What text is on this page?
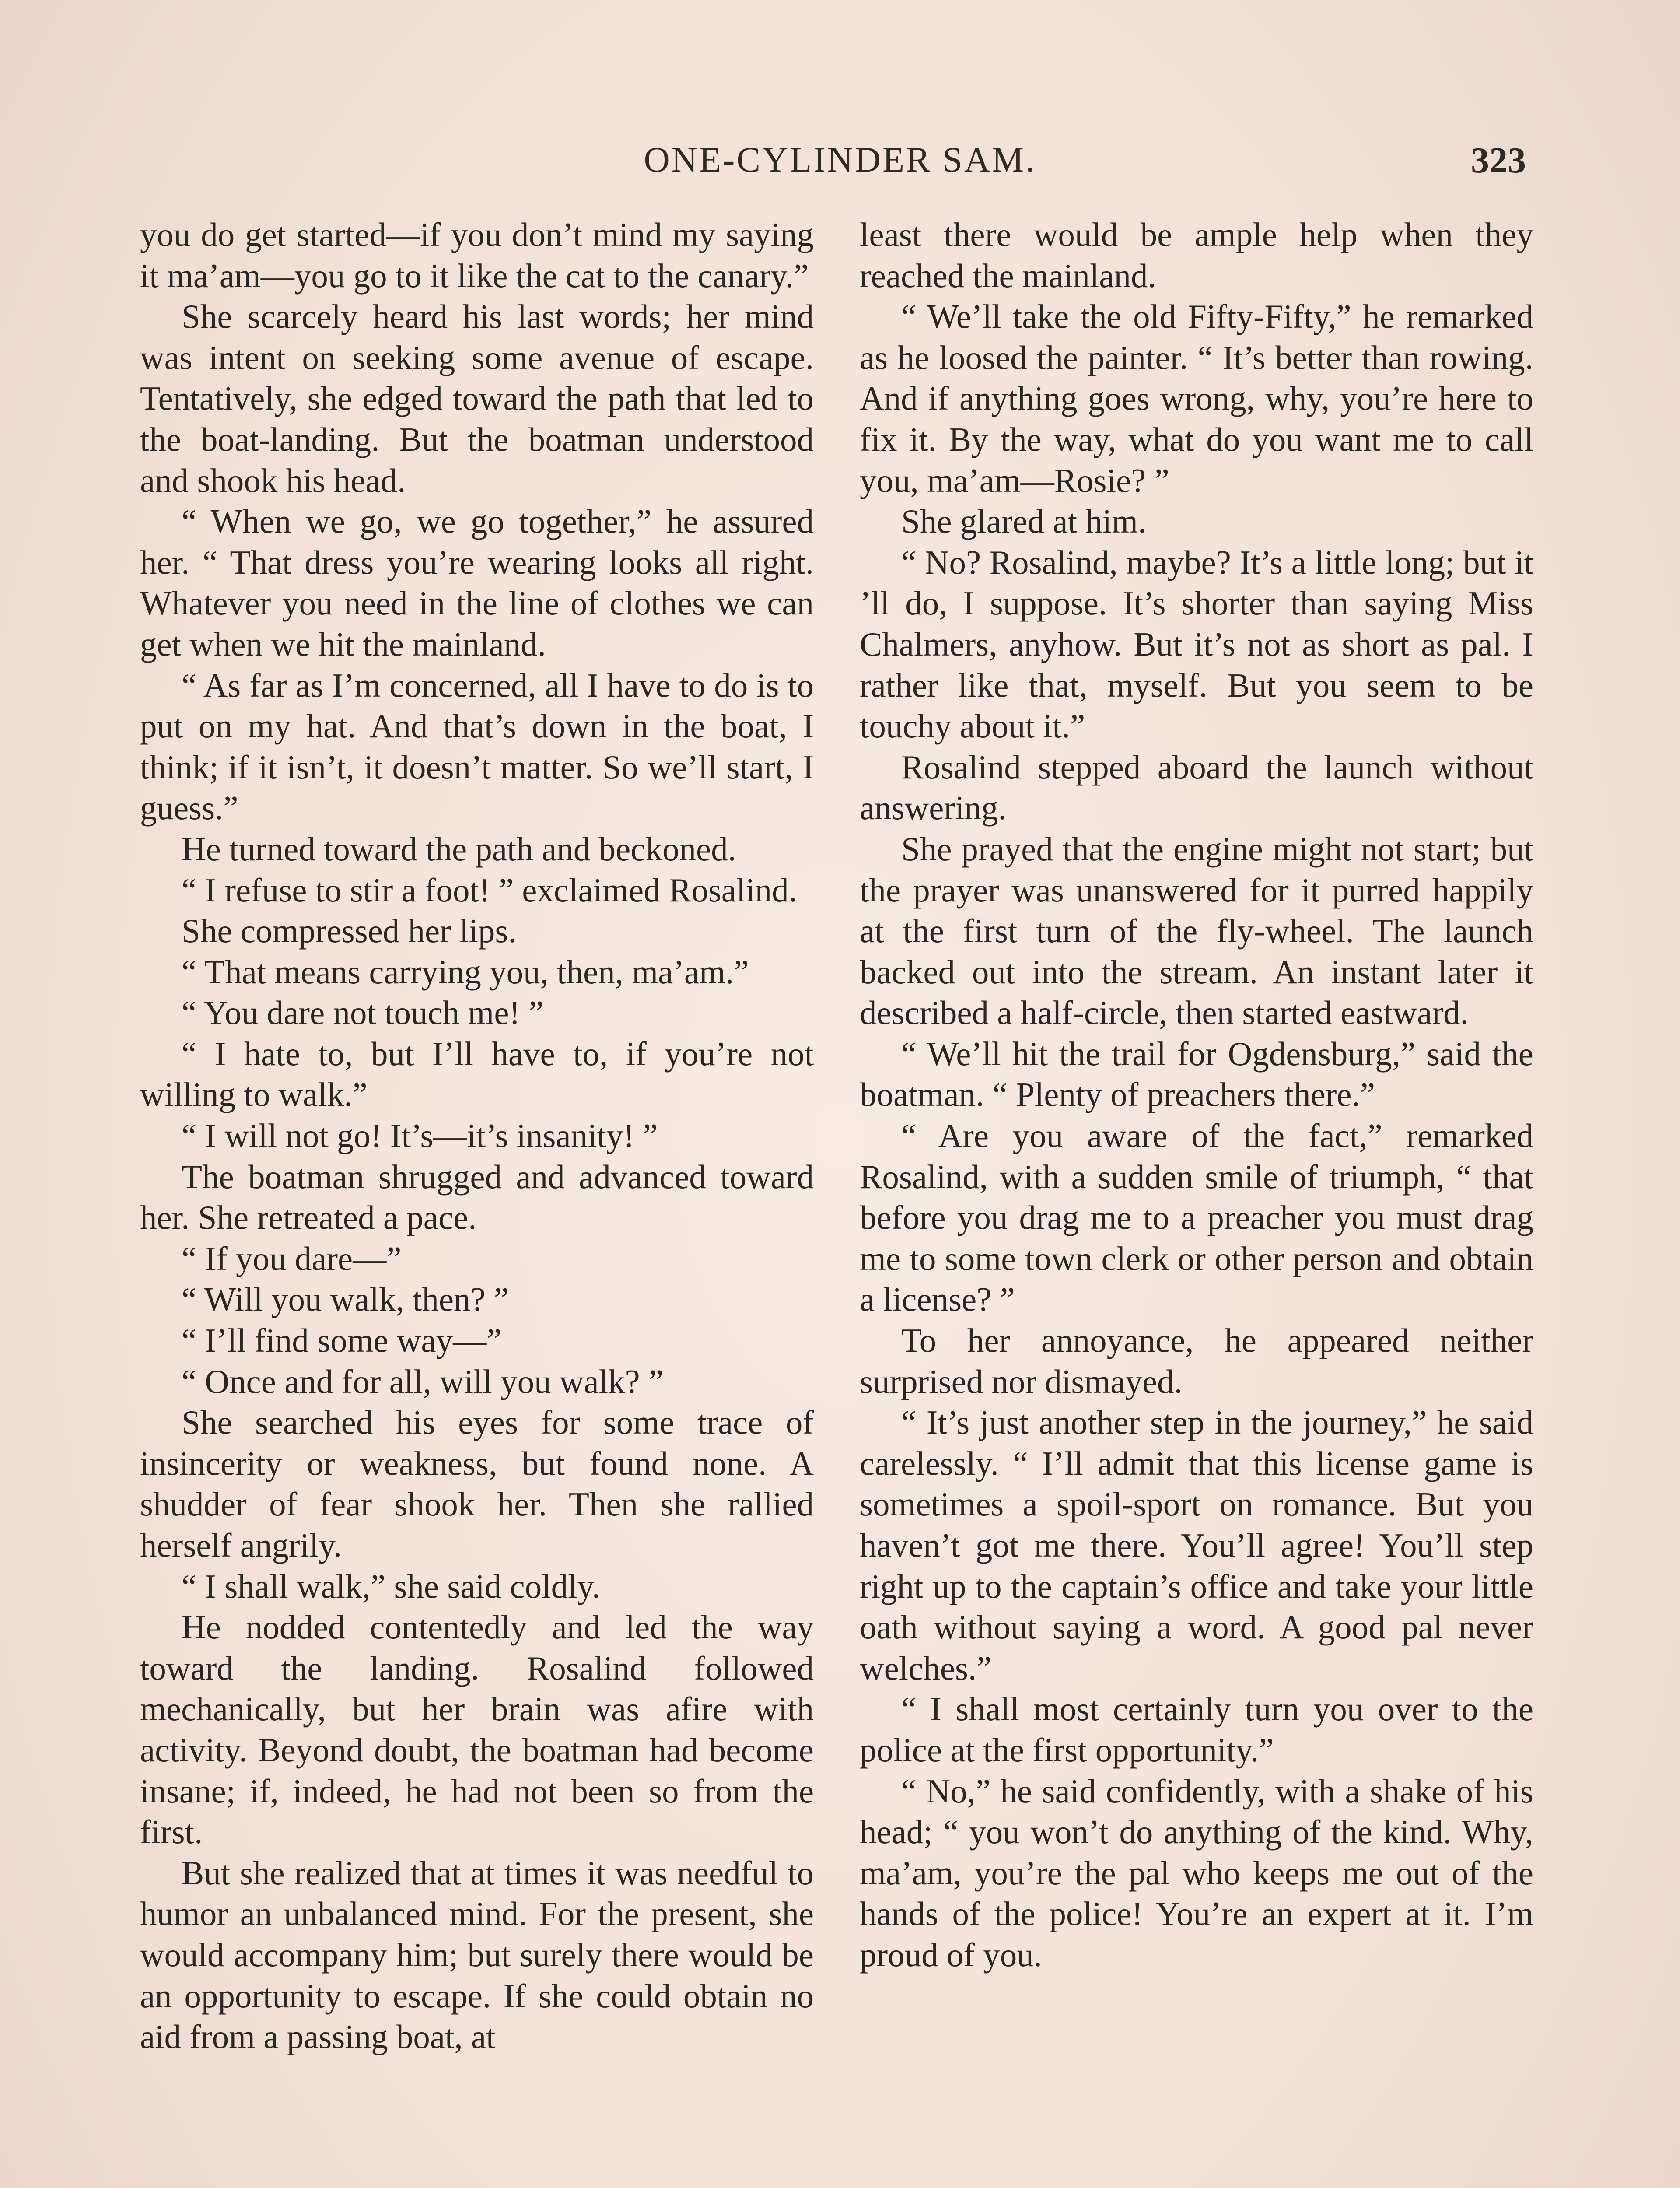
ONE-CYLINDER SAM.	323

you do get started—if you don’t mind my saying it ma’am—you go to it like the cat to the canary.”

She scarcely heard his last words; her mind was intent on seeking some avenue of escape. Tentatively, she edged toward the path that led to the boat-landing. But the boatman understood and shook his head.

“ When we go, we go together,” he assured her. “ That dress you’re wearing looks all right. Whatever you need in the line of clothes we can get when we hit the mainland.

“ As far as I’m concerned, all I have to do is to put on my hat. And that’s down in the boat, I think; if it isn’t, it doesn’t matter. So we’ll start, I guess.”

He turned toward the path and beckoned.

“ I refuse to stir a foot! ” exclaimed Rosalind.

She compressed her lips.

“ That means carrying you, then, ma’am.”

“ You dare not touch me! ”

“ I hate to, but I’ll have to, if you’re not willing to walk.”

“ I will not go! It’s—it’s insanity! ”

The boatman shrugged and advanced toward her. She retreated a pace.

“ If you dare—”

“ Will you walk, then? ”

“ I’ll find some way—”

“ Once and for all, will you walk? ”

She searched his eyes for some trace of insincerity or weakness, but found none. A shudder of fear shook her. Then she rallied herself angrily.

“ I shall walk,” she said coldly.

He nodded contentedly and led the way toward the landing. Rosalind followed mechanically, but her brain was afire with activity. Beyond doubt, the boatman had become insane; if, indeed, he had not been so from the first.

But she realized that at times it was needful to humor an unbalanced mind. For the present, she would accompany him; but surely there would be an opportunity to escape. If she could obtain no aid from a passing boat, at

least there would be ample help when they reached the mainland.

“ We’ll take the old Fifty-Fifty,” he remarked as he loosed the painter. “ It’s better than rowing. And if anything goes wrong, why, you’re here to fix it. By the way, what do you want me to call you, ma’am—Rosie? ”

She glared at him.

“ No? Rosalind, maybe? It’s a little long; but it ’ll do, I suppose. It’s shorter than saying Miss Chalmers, anyhow. But it’s not as short as pal. I rather like that, myself. But you seem to be touchy about it.”

Rosalind stepped aboard the launch without answering.

She prayed that the engine might not start; but the prayer was unanswered for it purred happily at the first turn of the fly-wheel. The launch backed out into the stream. An instant later it described a half-circle, then started eastward.

“ We’ll hit the trail for Ogdensburg,” said the boatman. “ Plenty of preachers there.”

“ Are you aware of the fact,” remarked Rosalind, with a sudden smile of triumph, “ that before you drag me to a preacher you must drag me to some town clerk or other person and obtain a license? ”

To her annoyance, he appeared neither surprised nor dismayed.

“ It’s just another step in the journey,” he said carelessly. “ I’ll admit that this license game is sometimes a spoil-sport on romance. But you haven’t got me there. You’ll agree! You’ll step right up to the captain’s office and take your little oath without saying a word. A good pal never welches.”

“ I shall most certainly turn you over to the police at the first opportunity.”

“ No,” he said confidently, with a shake of his head; “ you won’t do anything of the kind. Why, ma’am, you’re the pal who keeps me out of the hands of the police! You’re an expert at it. I’m proud of you.
